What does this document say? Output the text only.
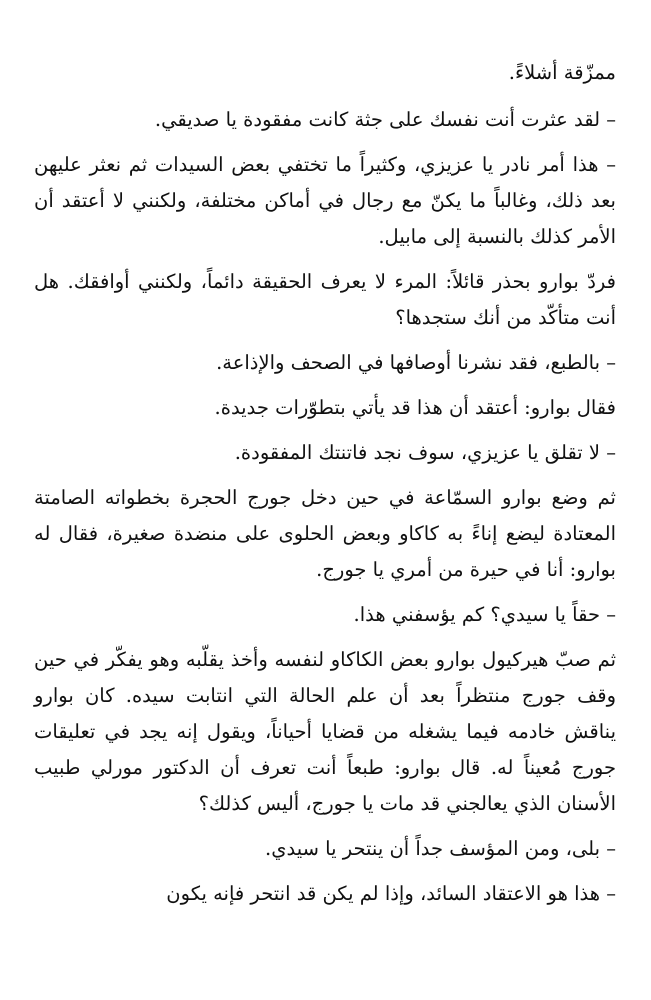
ممزّقة أشلاءً.

– لقد عثرت أنت نفسك على جثة كانت مفقودة يا صديقي.

– هذا أمر نادر يا عزيزي، وكثيراً ما تختفي بعض السيدات ثم نعثر عليهن بعد ذلك، وغالباً ما يكنّ مع رجال في أماكن مختلفة، ولكنني لا أعتقد أن الأمر كذلك بالنسبة إلى مابيل.

فردّ بوارو بحذر قائلاً: المرء لا يعرف الحقيقة دائماً، ولكنني أوافقك. هل أنت متأكّد من أنك ستجدها؟

– بالطبع، فقد نشرنا أوصافها في الصحف والإذاعة.

فقال بوارو: أعتقد أن هذا قد يأتي بتطوّرات جديدة.

– لا تقلق يا عزيزي، سوف نجد فاتنتك المفقودة.

ثم وضع بوارو السمّاعة في حين دخل جورج الحجرة بخطواته الصامتة المعتادة ليضع إناءً به كاكاو وبعض الحلوى على منضدة صغيرة، فقال له بوارو: أنا في حيرة من أمري يا جورج.

– حقاً يا سيدي؟ كم يؤسفني هذا.

ثم صبّ هيركيول بوارو بعض الكاكاو لنفسه وأخذ يقلّبه وهو يفكّر في حين وقف جورج منتظراً بعد أن علم الحالة التي انتابت سيده. كان بوارو يناقش خادمه فيما يشغله من قضايا أحياناً، ويقول إنه يجد في تعليقات جورج مُعيناً له. قال بوارو: طبعاً أنت تعرف أن الدكتور مورلي طبيب الأسنان الذي يعالجني قد مات يا جورج، أليس كذلك؟

– بلى، ومن المؤسف جداً أن ينتحر يا سيدي.

– هذا هو الاعتقاد السائد، وإذا لم يكن قد انتحر فإنه يكون
